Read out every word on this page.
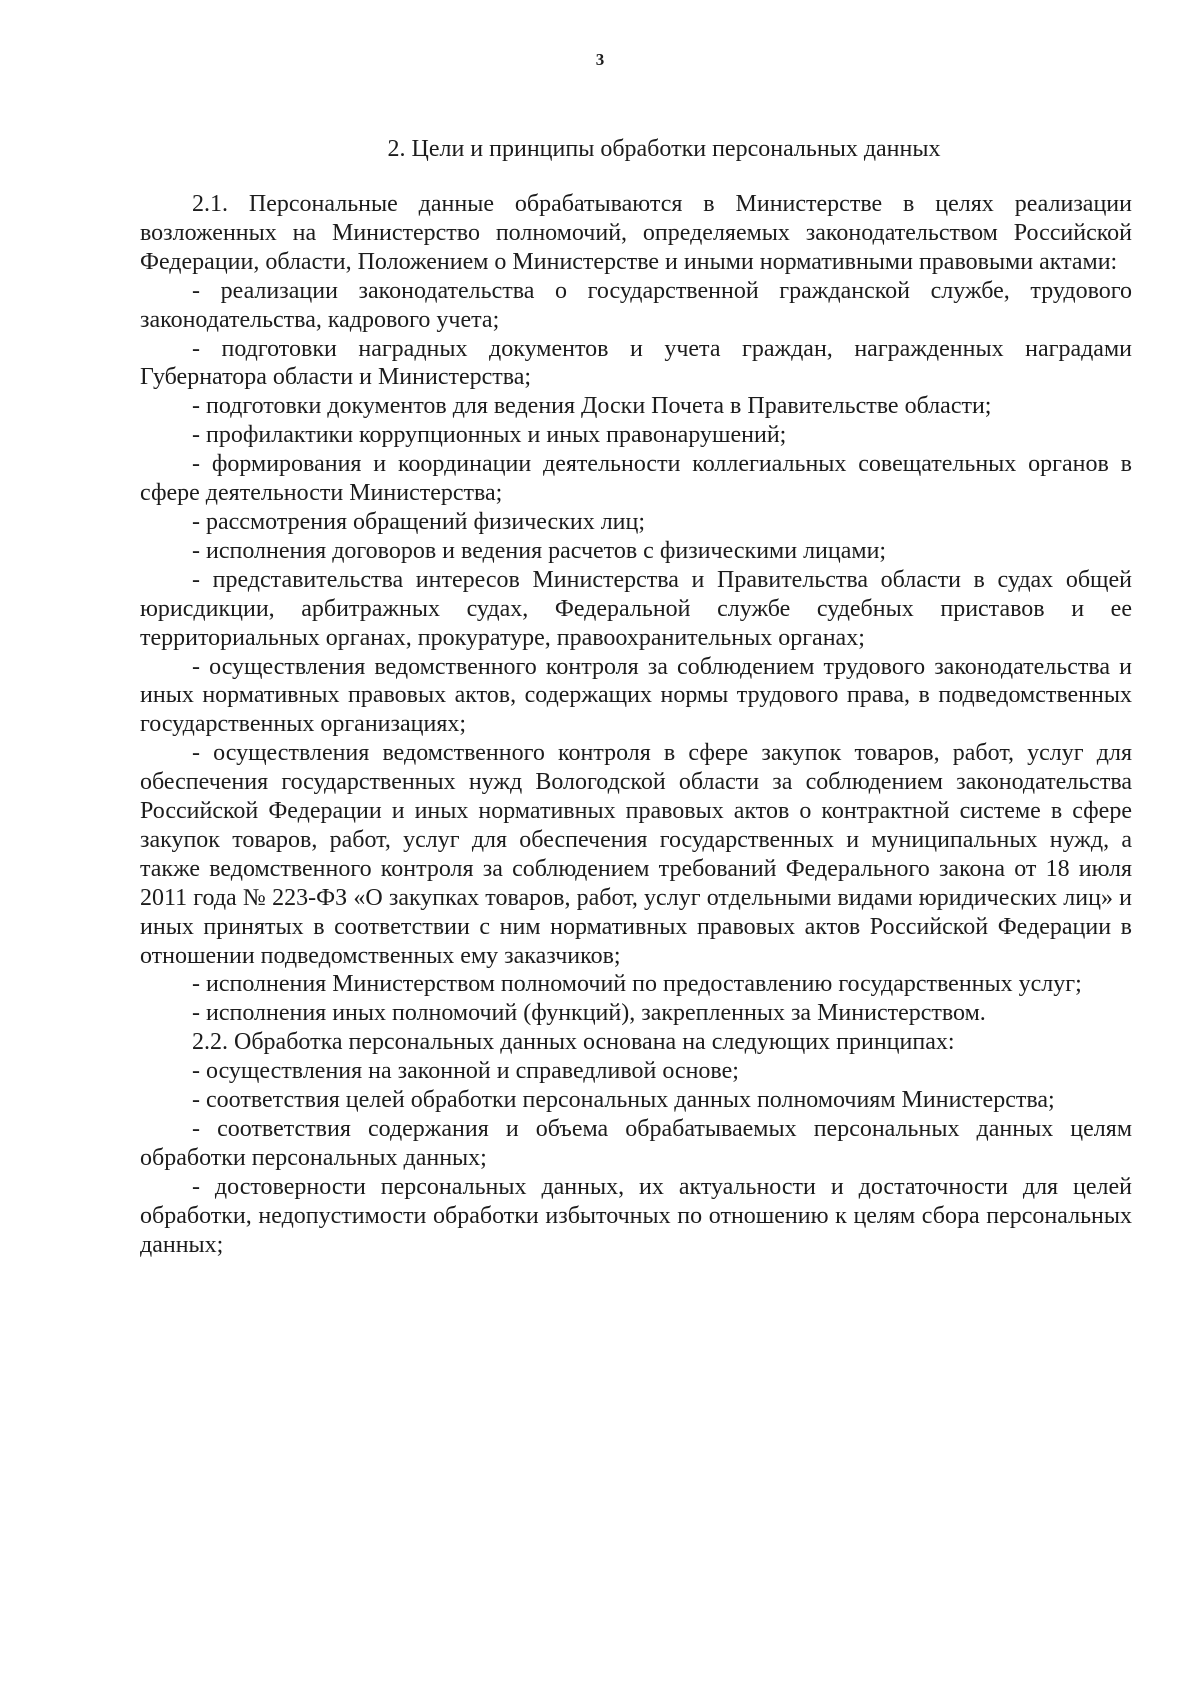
3
2. Цели и принципы обработки персональных данных

2.1. Персональные данные обрабатываются в Министерстве в целях реализации возложенных на Министерство полномочий, определяемых законодательством Российской Федерации, области, Положением о Министерстве и иными нормативными правовыми актами:

- реализации законодательства о государственной гражданской службе, трудового законодательства, кадрового учета;

- подготовки наградных документов и учета граждан, награжденных наградами Губернатора области и Министерства;

- подготовки документов для ведения Доски Почета в Правительстве области;

- профилактики коррупционных и иных правонарушений;

- формирования и координации деятельности коллегиальных совещательных органов в сфере деятельности Министерства;

- рассмотрения обращений физических лиц;

- исполнения договоров и ведения расчетов с физическими лицами;

- представительства интересов Министерства и Правительства области в судах общей юрисдикции, арбитражных судах, Федеральной службе судебных приставов и ее территориальных органах, прокуратуре, правоохранительных органах;

- осуществления ведомственного контроля за соблюдением трудового законодательства и иных нормативных правовых актов, содержащих нормы трудового права, в подведомственных государственных организациях;

- осуществления ведомственного контроля в сфере закупок товаров, работ, услуг для обеспечения государственных нужд Вологодской области за соблюдением законодательства Российской Федерации и иных нормативных правовых актов о контрактной системе в сфере закупок товаров, работ, услуг для обеспечения государственных и муниципальных нужд, а также ведомственного контроля за соблюдением требований Федерального закона от 18 июля 2011 года № 223-ФЗ «О закупках товаров, работ, услуг отдельными видами юридических лиц» и иных принятых в соответствии с ним нормативных правовых актов Российской Федерации в отношении подведомственных ему заказчиков;

- исполнения Министерством полномочий по предоставлению государственных услуг;

- исполнения иных полномочий (функций), закрепленных за Министерством.

2.2. Обработка персональных данных основана на следующих принципах:

- осуществления на законной и справедливой основе;

- соответствия целей обработки персональных данных полномочиям Министерства;

- соответствия содержания и объема обрабатываемых персональных данных целям обработки персональных данных;

- достоверности персональных данных, их актуальности и достаточности для целей обработки, недопустимости обработки избыточных по отношению к целям сбора персональных данных;
